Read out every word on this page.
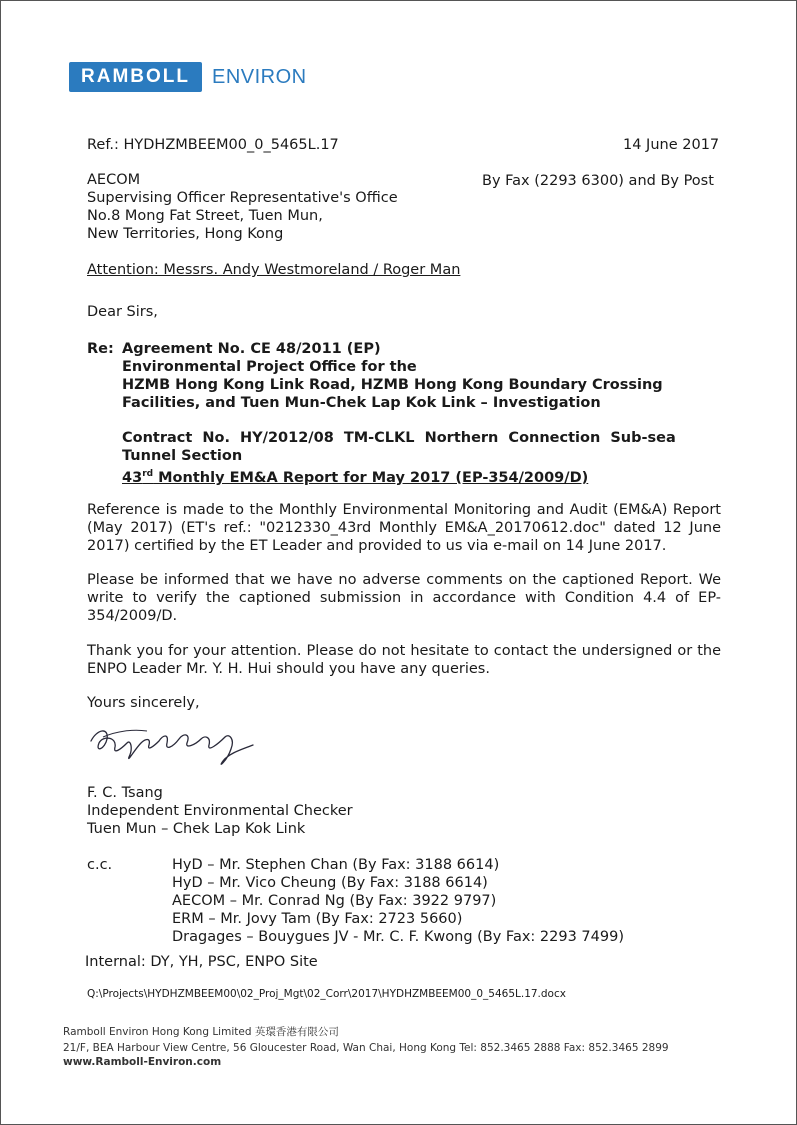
RAMBOLL	ENVIRON
Ref.: HYDHZMBEEM00_0_5465L.17	14 June 2017
AECOM
Supervising Officer Representative's Office
No.8 Mong Fat Street, Tuen Mun,
New Territories, Hong Kong
By Fax (2293 6300) and By Post
Attention: Messrs. Andy Westmoreland / Roger Man
Dear Sirs,
Re: Agreement No. CE 48/2011 (EP)
Environmental Project Office for the
HZMB Hong Kong Link Road, HZMB Hong Kong Boundary Crossing
Facilities, and Tuen Mun-Chek Lap Kok Link – Investigation
Contract No. HY/2012/08 TM-CLKL Northern Connection Sub-sea
Tunnel Section
43rd Monthly EM&A Report for May 2017 (EP-354/2009/D)
Reference is made to the Monthly Environmental Monitoring and Audit (EM&A) Report (May 2017) (ET's ref.: "0212330_43rd Monthly EM&A_20170612.doc" dated 12 June 2017) certified by the ET Leader and provided to us via e-mail on 14 June 2017.
Please be informed that we have no adverse comments on the captioned Report. We write to verify the captioned submission in accordance with Condition 4.4 of EP-354/2009/D.
Thank you for your attention. Please do not hesitate to contact the undersigned or the ENPO Leader Mr. Y. H. Hui should you have any queries.
Yours sincerely,
F. C. Tsang
Independent Environmental Checker
Tuen Mun – Chek Lap Kok Link
c.c.	HyD – Mr. Stephen Chan (By Fax: 3188 6614)
HyD – Mr. Vico Cheung (By Fax: 3188 6614)
AECOM – Mr. Conrad Ng (By Fax: 3922 9797)
ERM – Mr. Jovy Tam (By Fax: 2723 5660)
Dragages – Bouygues JV - Mr. C. F. Kwong (By Fax: 2293 7499)
Internal: DY, YH, PSC, ENPO Site
Q:\Projects\HYDHZMBEEM00\02_Proj_Mgt\02_Corr\2017\HYDHZMBEEM00_0_5465L.17.docx
Ramboll Environ Hong Kong Limited 英環香港有限公司
21/F, BEA Harbour View Centre, 56 Gloucester Road, Wan Chai, Hong Kong Tel: 852.3465 2888 Fax: 852.3465 2899
www.Ramboll-Environ.com
